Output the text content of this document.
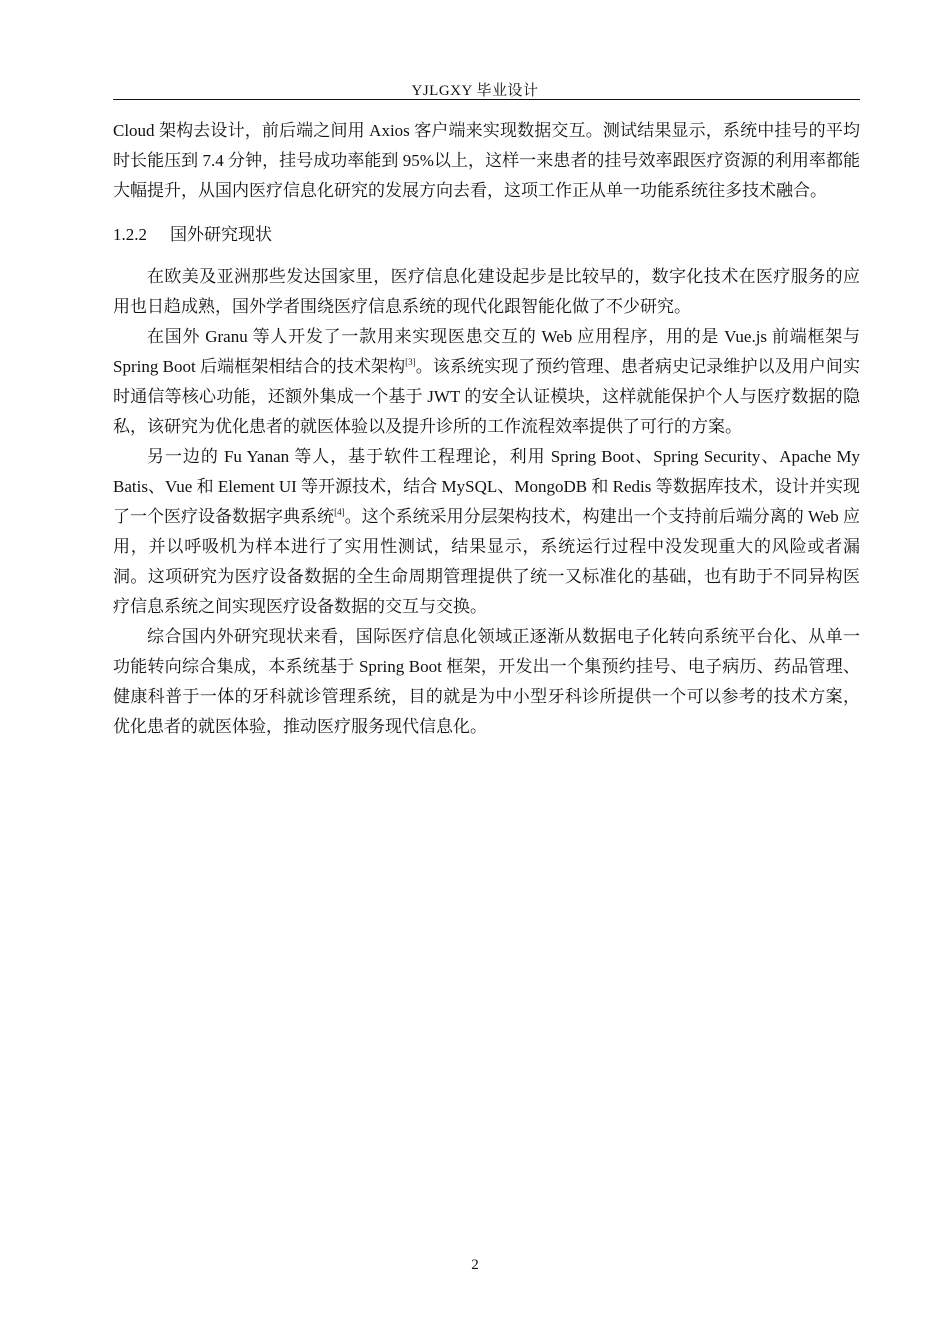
YJLGXY 毕业设计

Cloud 架构去设计，前后端之间用 Axios 客户端来实现数据交互。测试结果显示，系统中挂号的平均时长能压到 7.4 分钟，挂号成功率能到 95%以上，这样一来患者的挂号效率跟医疗资源的利用率都能大幅提升，从国内医疗信息化研究的发展方向去看，这项工作正从单一功能系统往多技术融合。

1.2.2 国外研究现状

在欧美及亚洲那些发达国家里，医疗信息化建设起步是比较早的，数字化技术在医疗服务的应用也日趋成熟，国外学者围绕医疗信息系统的现代化跟智能化做了不少研究。

在国外 Granu 等人开发了一款用来实现医患交互的 Web 应用程序，用的是 Vue.js 前端框架与 Spring Boot 后端框架相结合的技术架构[3]。该系统实现了预约管理、患者病史记录维护以及用户间实时通信等核心功能，还额外集成一个基于 JWT 的安全认证模块，这样就能保护个人与医疗数据的隐私，该研究为优化患者的就医体验以及提升诊所的工作流程效率提供了可行的方案。

另一边的 Fu Yanan 等人，基于软件工程理论，利用 Spring Boot、Spring Security、Apache My Batis、Vue 和 Element UI 等开源技术，结合 MySQL、MongoDB 和 Redis 等数据库技术，设计并实现了一个医疗设备数据字典系统[4]。这个系统采用分层架构技术，构建出一个支持前后端分离的 Web 应用，并以呼吸机为样本进行了实用性测试，结果显示，系统运行过程中没发现重大的风险或者漏洞。这项研究为医疗设备数据的全生命周期管理提供了统一又标准化的基础，也有助于不同异构医疗信息系统之间实现医疗设备数据的交互与交换。

综合国内外研究现状来看，国际医疗信息化领域正逐渐从数据电子化转向系统平台化、从单一功能转向综合集成，本系统基于 Spring Boot 框架，开发出一个集预约挂号、电子病历、药品管理、健康科普于一体的牙科就诊管理系统，目的就是为中小型牙科诊所提供一个可以参考的技术方案，优化患者的就医体验，推动医疗服务现代信息化。

2
